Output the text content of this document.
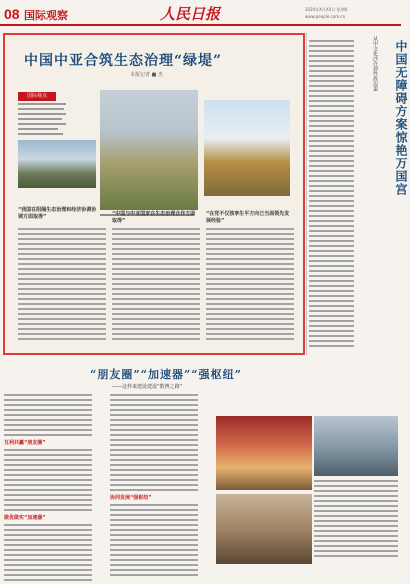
08 国际观察	人民日报	2024年X月XX日 星期X
www.people.com.cn
中国中亚合筑生态治理“绿堤”
本报记者 ■ 杰
国际视点
“我国在阻隔生态治理和经济协调协调方面取得”	“中国与中亚国家在生态治理合作方面取得”
“在党不仅独享生平方向已当面领先发展经验”
从中文化沙许到性故边道	中国无障碍方案惊艳万国宫
“朋友圈”“加速器”“强枢纽”
——这样来建设建设“数博之路”
互利共赢“朋友圈”
做优做实“加速器”
协同发展“强枢纽”
